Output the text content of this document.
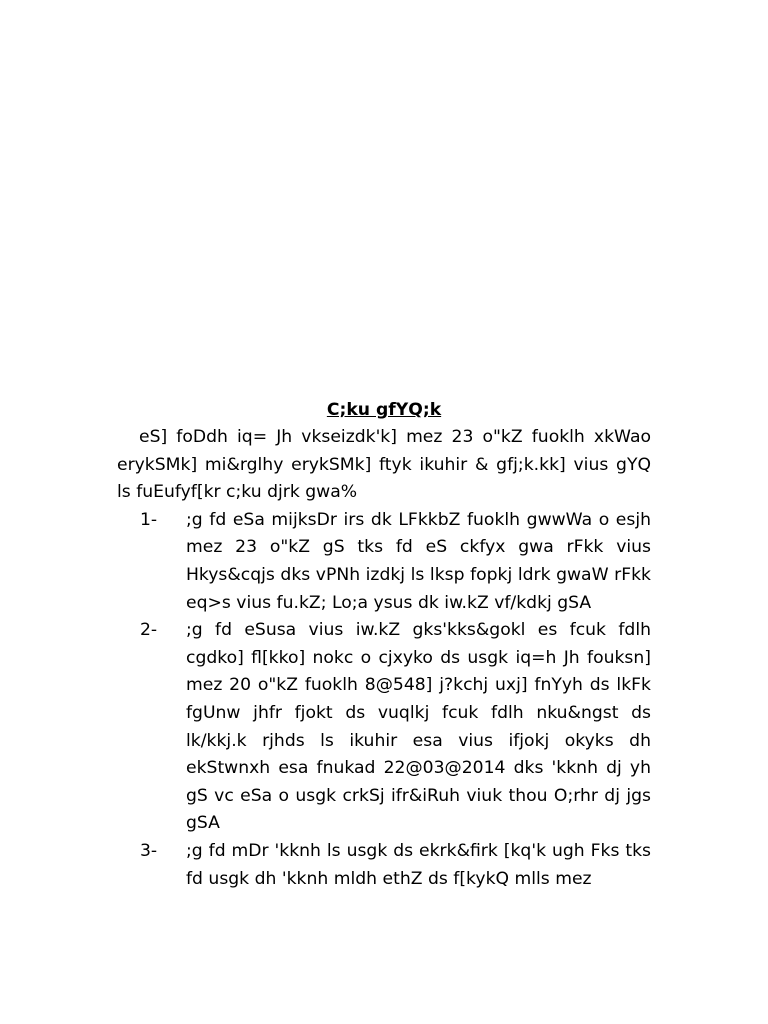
C;ku gfYQ;k

eS] foDdh iq= Jh vkseizdk'k] mez 23 o"kZ fuoklh xkWao erykSMk] mi&rglhy erykSMk] ftyk ikuhir & gfj;k.kk] vius gYQ ls fuEufyf[kr c;ku djrk gwa%

1- ;g fd eSa mijksDr irs dk LFkkbZ fuoklh gwwWa o esjh mez 23 o"kZ gS tks fd eS ckfyx gwa rFkk vius Hkys&cqjs dks vPNh izdkj ls lksp fopkj ldrk gwaW rFkk eq>s vius fu.kZ; Lo;a ysus dk iw.kZ vf/kdkj gSA

2- ;g fd eSusa vius iw.kZ gks'kks&gokl es fcuk fdlh cgdko] fl[kko] nokc o cjxyko ds usgk iq=h Jh fouksn] mez 20 o"kZ fuoklh 8@548] j?kchj uxj] fnYyh ds lkFk fgUnw jhfr fjokt ds vuqlkj fcuk fdlh nku&ngst ds lk/kkj.k rjhds ls ikuhir esa vius ifjokj okyks dh ekStwnxh esa fnukad 22@03@2014 dks 'kknh dj yh gS vc eSa o usgk crkSj ifr&iRuh viuk thou O;rhr dj jgs gSA

3- ;g fd mDr 'kknh ls usgk ds ekrk&firk [kq'k ugh Fks tks fd usgk dh 'kknh mldh ethZ ds f[kykQ mlls mez
